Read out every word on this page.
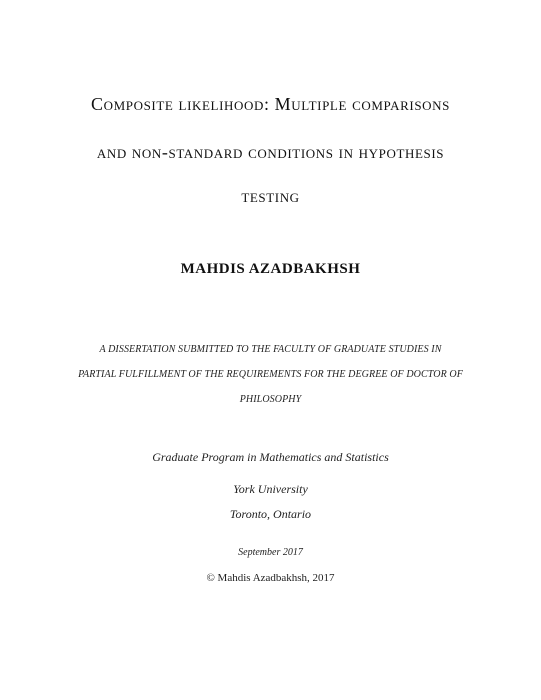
Composite likelihood: Multiple comparisons
and non-standard conditions in hypothesis
testing
MAHDIS AZADBAKHSH
A DISSERTATION SUBMITTED TO THE FACULTY OF GRADUATE STUDIES IN
PARTIAL FULFILLMENT OF THE REQUIREMENTS FOR THE DEGREE OF DOCTOR OF
PHILOSOPHY
Graduate Program in Mathematics and Statistics
York University
Toronto, Ontario
September 2017
© Mahdis Azadbakhsh, 2017
